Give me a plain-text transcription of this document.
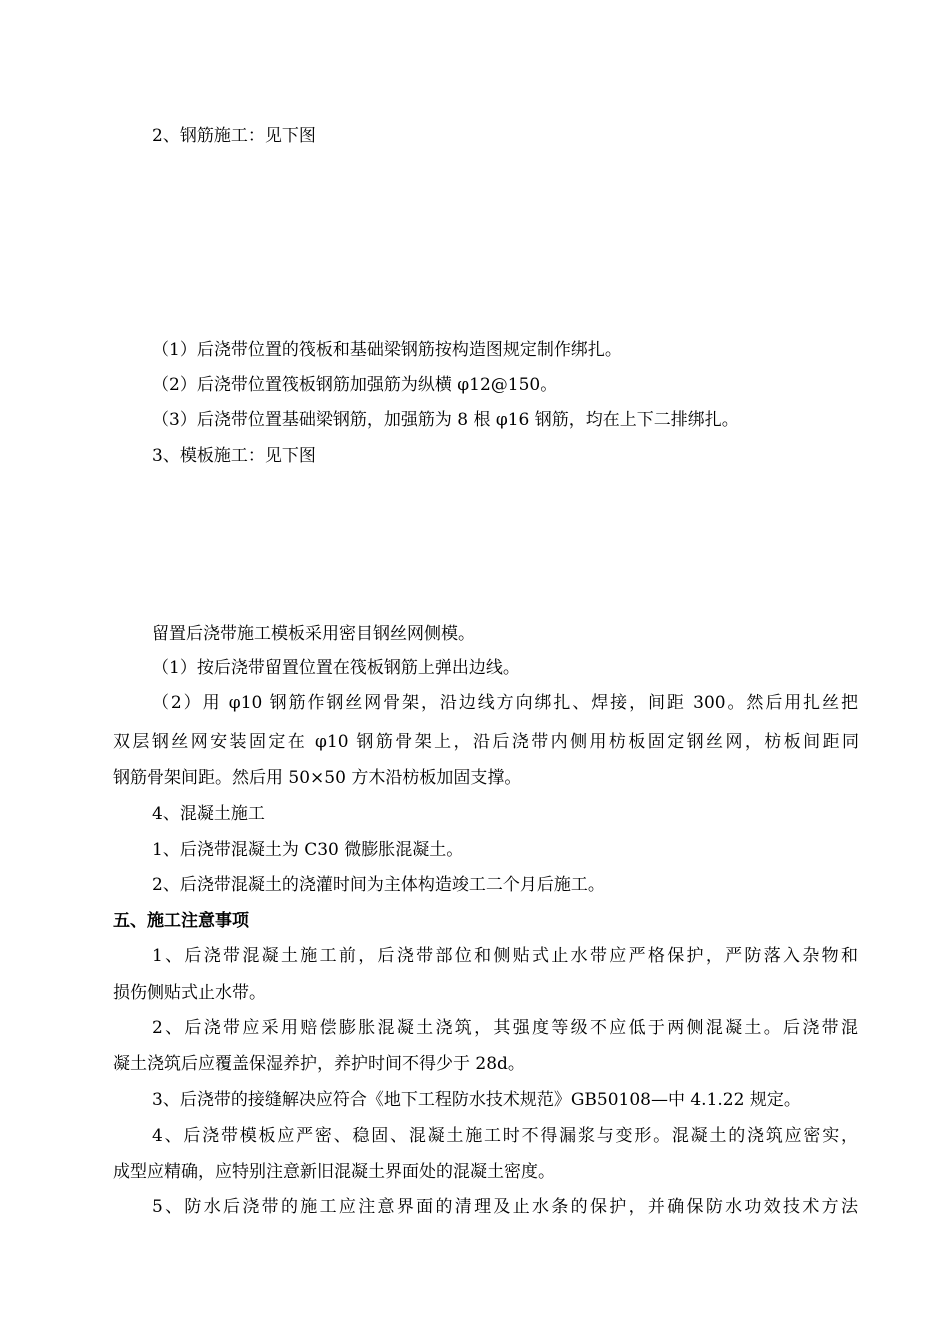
2、钢筋施工：见下图
（1）后浇带位置的筏板和基础梁钢筋按构造图规定制作绑扎。
（2）后浇带位置筏板钢筋加强筋为纵横 φ12@150。
（3）后浇带位置基础梁钢筋，加强筋为 8 根 φ16 钢筋，均在上下二排绑扎。
3、模板施工：见下图
留置后浇带施工模板采用密目钢丝网侧模。
（1）按后浇带留置位置在筏板钢筋上弹出边线。
（2）用 φ10 钢筋作钢丝网骨架，沿边线方向绑扎、焊接，间距 300。然后用扎丝把
双层钢丝网安装固定在 φ10 钢筋骨架上，沿后浇带内侧用枋板固定钢丝网，枋板间距同
钢筋骨架间距。然后用 50×50 方木沿枋板加固支撑。
4、混凝土施工
1、后浇带混凝土为 C30 微膨胀混凝土。
2、后浇带混凝土的浇灌时间为主体构造竣工二个月后施工。
五、施工注意事项
1、后浇带混凝土施工前，后浇带部位和侧贴式止水带应严格保护，严防落入杂物和
损伤侧贴式止水带。
2、后浇带应采用赔偿膨胀混凝土浇筑，其强度等级不应低于两侧混凝土。后浇带混
凝土浇筑后应覆盖保湿养护，养护时间不得少于 28d。
3、后浇带的接缝解决应符合《地下工程防水技术规范》GB50108—中 4.1.22 规定。
4、后浇带模板应严密、稳固、混凝土施工时不得漏浆与变形。混凝土的浇筑应密实，
成型应精确，应特别注意新旧混凝土界面处的混凝土密度。
5、防水后浇带的施工应注意界面的清理及止水条的保护，并确保防水功效技术方法
